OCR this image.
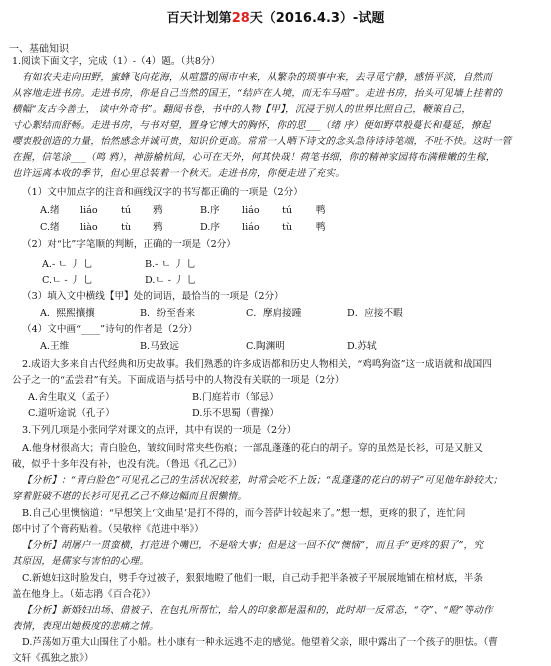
百天计划第28天（2016.4.3）-试题
一、基础知识
1.阅读下面文字，完成（1）-（4）题。（共8分）
有如农夫走向田野，蜜蜂飞向花海，从喧嚣的闹市中来，从繁杂的琐事中来，去寻觅宁静，感悟平淡，自然而
从容地走进书房。走进书房，你是自己当然的国王，“结庐在人境，而无车马喧”。走进书房，抬头可见墙上挂着的
横幅“友古今善士， 读中外奇书”。翻阅书卷，书中的人物【甲】，沉浸于别人的世界比照自己，鞭策自己，
寸心絮结而舒畅。走进书房，与书对望，置身它博大的胸怀，你的思___（绪 序）便如野草般蔓长和蔓延，撩起
嘤衷般创造的力量，怡然感念并诚可贵，知识价更高。常常一人晒下诗文的念头急待诗诗笔端，不吐不快。这时一管
在握，信笔涂___（鸣 鸦），神游榆杭间，心可在天外，何其快哉！荷笔书细，你的精神家园将布满稚嫩的生稼，
也许远离本收的季节，但心里总装着一个秋天。走进书房，你便走进了充实。
（1）文中加点字的注音和画线汉字的书写都正确的一项是（2分）
A.绪 liáo tú 鸦	B.序 liáo tú 鸭
C.绪 liào tù 鸦	D.序 liáo tù 鸭
（2）对“比”字笔顺的判断，正确的一项是（2分）
A.- ㄴ 丿 乚	B.- ㄴ 丿 乚
C.ㄴ - 丿 乚	D.ㄴ - 丿 乚
（3）填入文中横线【甲】处的词语，最恰当的一项是（2分）
A．熙熙攘攘	B．纷至沓来	C．摩肩接踵	D．应接不暇
（4）文中画“____”诗句的作者是（2分）
A.王维	B.马致远	C.陶渊明	D.苏轼
2.成语大多来自古代经典和历史故事。我们熟悉的许多成语都和历史人物相关，“鸡鸣狗盗”这一成语就和战国四
公子之一的“孟尝君”有关。下面成语与括号中的人物没有关联的一项是（2分）
A.舍生取义（孟子）	B.门庭若市（邹忌）
C.道听途说（孔子）	D.乐不思蜀（曹操）
3.下列几项是小张同学对课文的点评，其中有误的一项是（2分）
A.他身材很高大；青白脸色，皱纹间时常夹些伤痕；一部乱蓬蓬的花白的胡子。穿的虽然是长衫，可是又脏又
破，似乎十多年没有补，也没有洗。（鲁迅《孔乙己》）
【分析】：“青白脸色”可见孔乙己的生活状况较差，时常会吃不上饭；“乱蓬蓬的花白的胡子”可见他年龄较大；
穿着脏破不堪的长衫可见孔乙己不修边幅而且很懒惰。
B.自己心里懊恼道：“早想笑上‘文曲星’是打不得的，而今菩萨计较起来了。”想一想，更疼的狠了，连忙问
郎中讨了个膏药贴着。（吴敬梓《范进中举》）
【分析】胡屠户一贯蛮横，打范进个嘴巴，不是啥大事；但是这一回不仅“懊恼”，而且手“更疼的狠了”，究
其原因，是儒家与害怕的心理。
C.新媳妇这时脸发白，劈手夺过被子，狠狠地瞪了他们一眼，自己动手把半条被子平展展地铺在棺材底，半条
盖在他身上。（茹志鹃《百合花》）
【分析】新婚妇出场、借被子、在包扎所帮忙，给人的印象都是温和的，此时却一反常态，“夺”、“瞪”等动作
表情，表现出她极度的悲痛之情。
D.芦荡如万重大山围住了小船。杜小康有一种永远逃不走的感觉。他望着父亲，眼中露出了一个孩子的胆怯。（曹
文轩《孤独之旅》）
